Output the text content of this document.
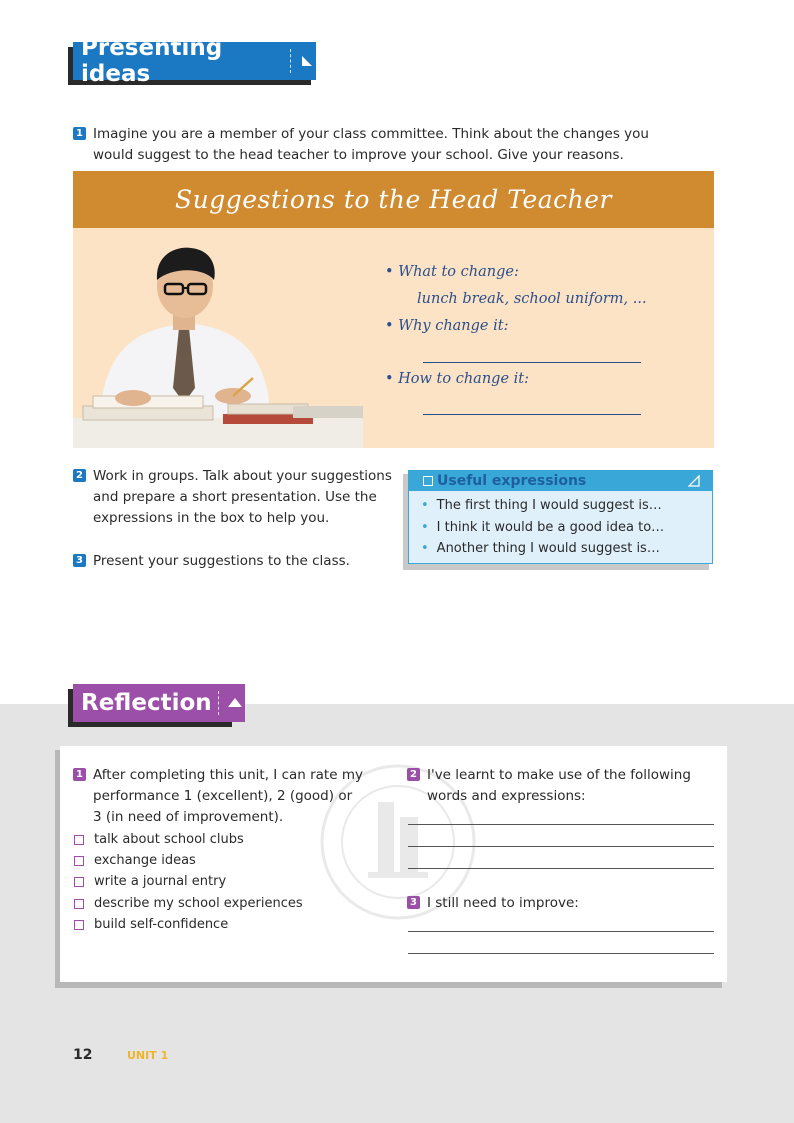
Presenting ideas
1 Imagine you are a member of your class committee. Think about the changes you
would suggest to the head teacher to improve your school. Give your reasons.
Suggestions to the Head Teacher
• What to change:
lunch break, school uniform, ...
• Why change it:
• How to change it:
2 Work in groups. Talk about your suggestions
and prepare a short presentation. Use the
expressions in the box to help you.
3 Present your suggestions to the class.
Useful expressions
• The first thing I would suggest is…
• I think it would be a good idea to…
• Another thing I would suggest is…
Reflection
1 After completing this unit, I can rate my
performance 1 (excellent), 2 (good) or
3 (in need of improvement).
talk about school clubs
exchange ideas
write a journal entry
describe my school experiences
build self-confidence
2 I've learnt to make use of the following
words and expressions:
3 I still need to improve:
12	UNIT 1
